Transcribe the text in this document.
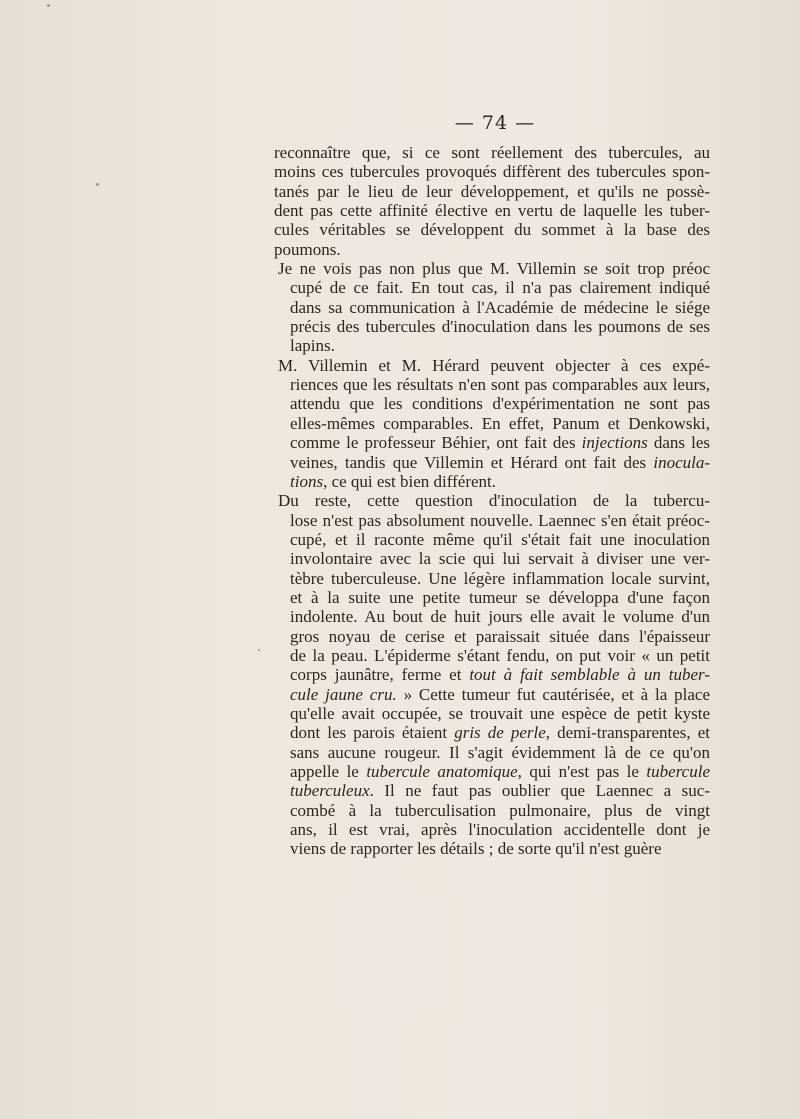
— 74 —

reconnaître que, si ce sont réellement des tubercules, au
moins ces tubercules provoqués diffèrent des tubercules spon-
tanés par le lieu de leur développement, et qu'ils ne possè-
dent pas cette affinité élective en vertu de laquelle les tuber-
cules véritables se développent du sommet à la base des
poumons.

Je ne vois pas non plus que M. Villemin se soit trop préoc
cupé de ce fait. En tout cas, il n'a pas clairement indiqué
dans sa communication à l'Académie de médecine le siége
précis des tubercules d'inoculation dans les poumons de ses
lapins.

M. Villemin et M. Hérard peuvent objecter à ces expé-
riences que les résultats n'en sont pas comparables aux leurs,
attendu que les conditions d'expérimentation ne sont pas
elles-mêmes comparables. En effet, Panum et Denkowski,
comme le professeur Béhier, ont fait des injections dans les
veines, tandis que Villemin et Hérard ont fait des inocula-
tions, ce qui est bien différent.

Du reste, cette question d'inoculation de la tubercu-
lose n'est pas absolument nouvelle. Laennec s'en était préoc-
cupé, et il raconte même qu'il s'était fait une inoculation
involontaire avec la scie qui lui servait à diviser une ver-
tèbre tuberculeuse. Une légère inflammation locale survint,
et à la suite une petite tumeur se développa d'une façon
indolente. Au bout de huit jours elle avait le volume d'un
gros noyau de cerise et paraissait située dans l'épaisseur
de la peau. L'épiderme s'étant fendu, on put voir « un petit
corps jaunâtre, ferme et tout à fait semblable à un tuber-
cule jaune cru. » Cette tumeur fut cautérisée, et à la place
qu'elle avait occupée, se trouvait une espèce de petit kyste
dont les parois étaient gris de perle, demi-transparentes, et
sans aucune rougeur. Il s'agit évidemment là de ce qu'on
appelle le tubercule anatomique, qui n'est pas le tubercule
tuberculeux. Il ne faut pas oublier que Laennec a suc-
combé à la tuberculisation pulmonaire, plus de vingt
ans, il est vrai, après l'inoculation accidentelle dont je
viens de rapporter les détails ; de sorte qu'il n'est guère
